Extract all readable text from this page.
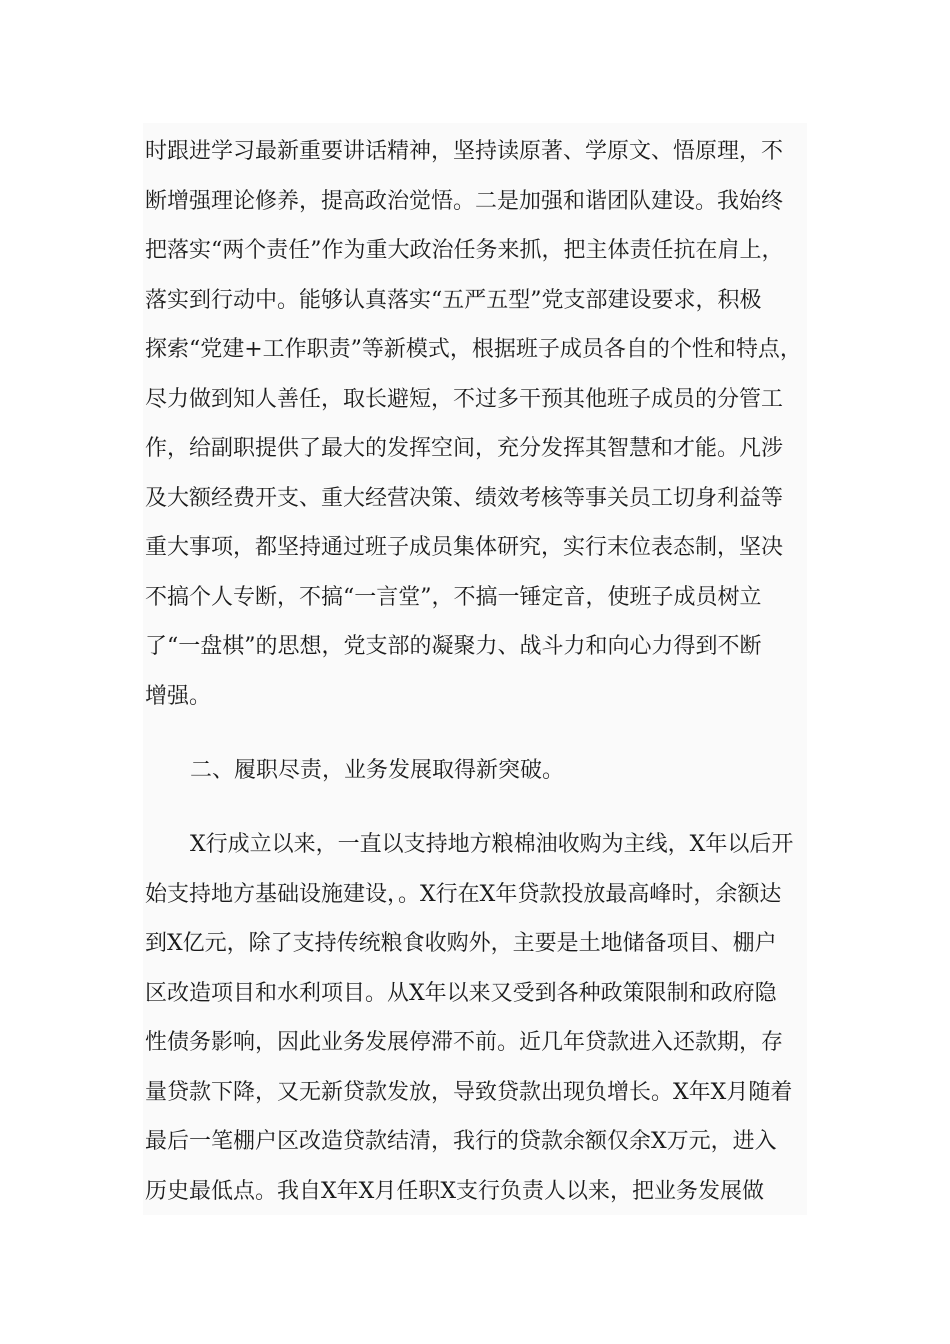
时跟进学习最新重要讲话精神，坚持读原著、学原文、悟原理，不
断增强理论修养，提高政治觉悟。二是加强和谐团队建设。我始终
把落实“两个责任”作为重大政治任务来抓，把主体责任抗在肩上，
落实到行动中。能够认真落实“五严五型”党支部建设要求，积极
探索“党建+工作职责”等新模式，根据班子成员各自的个性和特点，
尽力做到知人善任，取长避短，不过多干预其他班子成员的分管工
作，给副职提供了最大的发挥空间，充分发挥其智慧和才能。凡涉
及大额经费开支、重大经营决策、绩效考核等事关员工切身利益等
重大事项，都坚持通过班子成员集体研究，实行末位表态制，坚决
不搞个人专断，不搞“一言堂”，不搞一锤定音，使班子成员树立
了“一盘棋”的思想，党支部的凝聚力、战斗力和向心力得到不断
增强。
二、履职尽责，业务发展取得新突破。
X行成立以来，一直以支持地方粮棉油收购为主线，X年以后开
始支持地方基础设施建设，。X行在X年贷款投放最高峰时，余额达
到X亿元，除了支持传统粮食收购外，主要是土地储备项目、棚户
区改造项目和水利项目。从X年以来又受到各种政策限制和政府隐
性债务影响，因此业务发展停滞不前。近几年贷款进入还款期，存
量贷款下降，又无新贷款发放，导致贷款出现负增长。X年X月随着
最后一笔棚户区改造贷款结清，我行的贷款余额仅余X万元，进入
历史最低点。我自X年X月任职X支行负责人以来，把业务发展做
